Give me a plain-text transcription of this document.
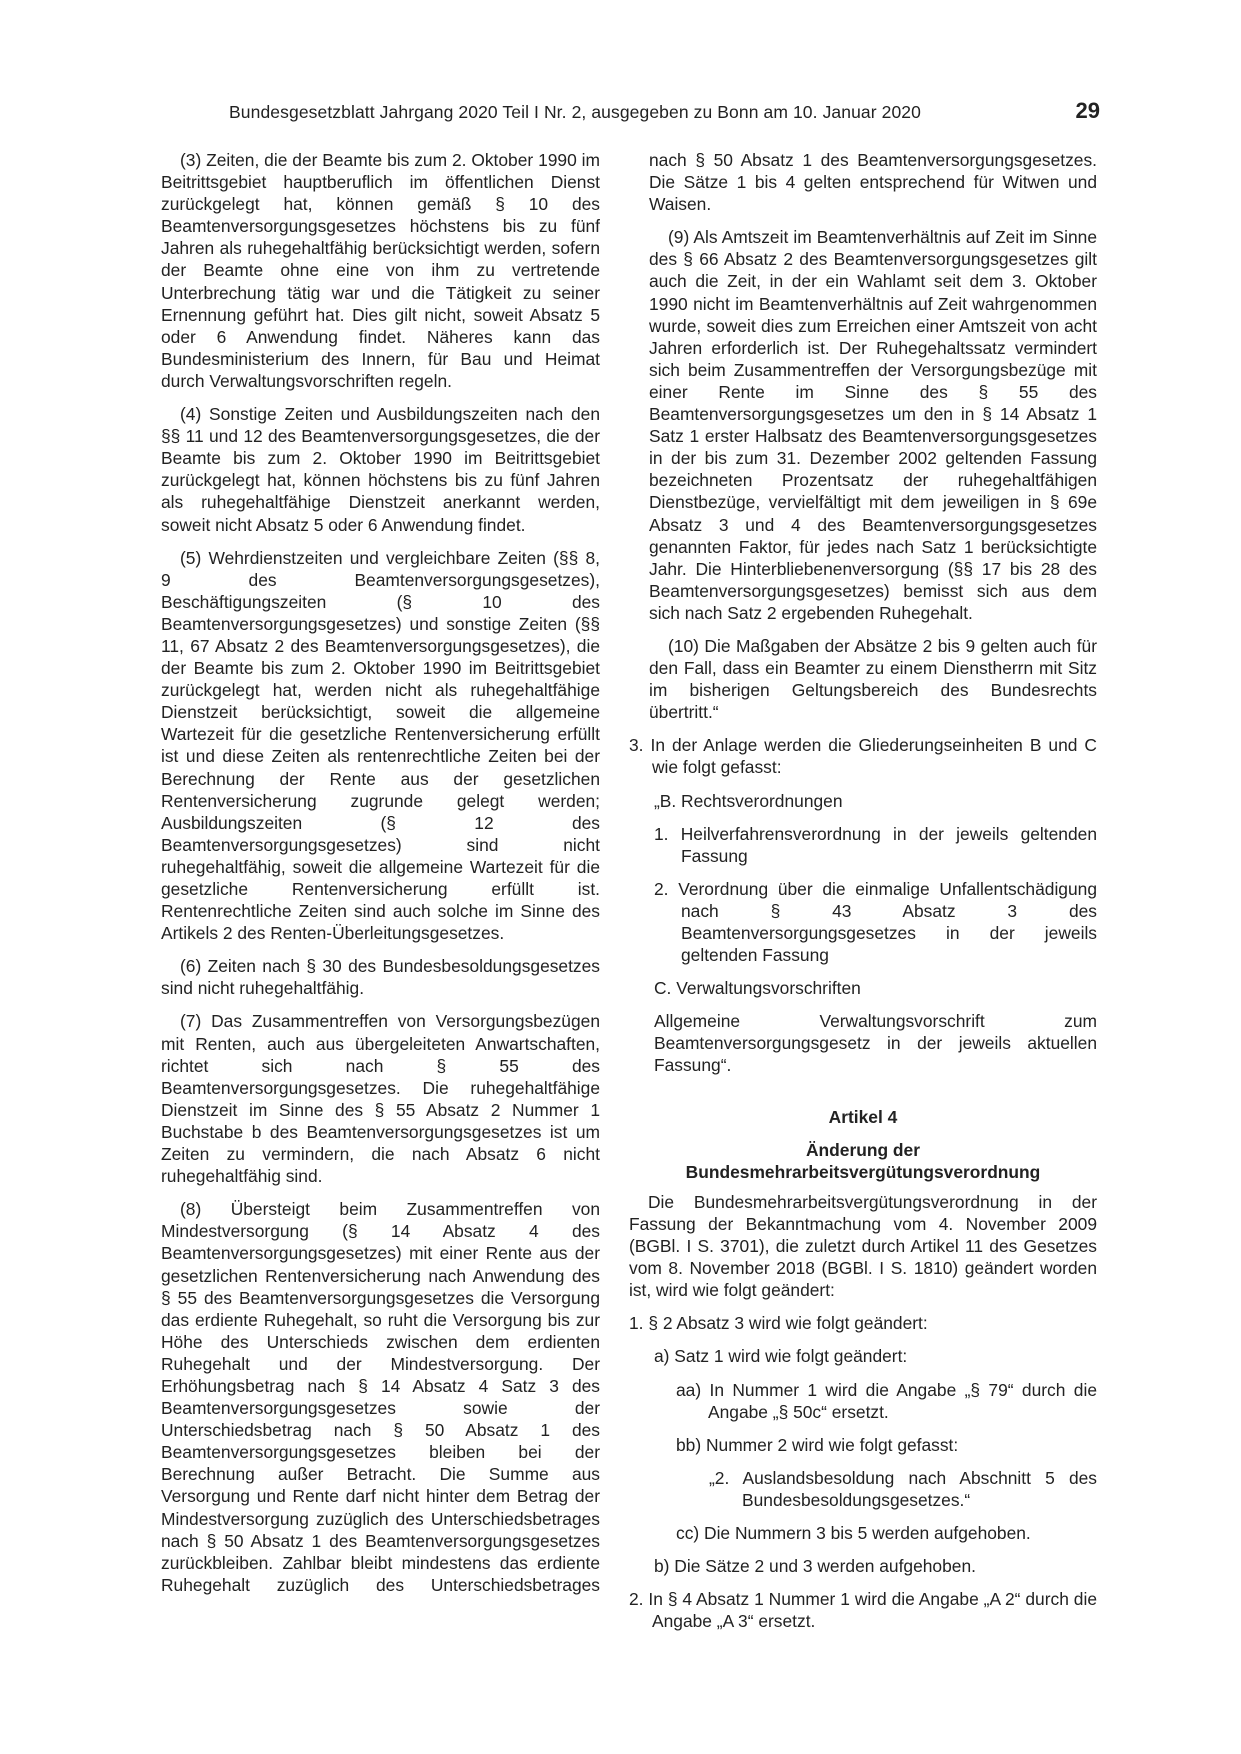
Bundesgesetzblatt Jahrgang 2020 Teil I Nr. 2, ausgegeben zu Bonn am 10. Januar 2020	29

(3) Zeiten, die der Beamte bis zum 2. Oktober 1990 im Beitrittsgebiet hauptberuflich im öffentlichen Dienst zurückgelegt hat, können gemäß § 10 des Beamtenversorgungsgesetzes höchstens bis zu fünf Jahren als ruhegehaltfähig berücksichtigt werden, sofern der Beamte ohne eine von ihm zu vertretende Unterbrechung tätig war und die Tätigkeit zu seiner Ernennung geführt hat. Dies gilt nicht, soweit Absatz 5 oder 6 Anwendung findet. Näheres kann das Bundesministerium des Innern, für Bau und Heimat durch Verwaltungsvorschriften regeln.

(4) Sonstige Zeiten und Ausbildungszeiten nach den §§ 11 und 12 des Beamtenversorgungsgesetzes, die der Beamte bis zum 2. Oktober 1990 im Beitrittsgebiet zurückgelegt hat, können höchstens bis zu fünf Jahren als ruhegehaltfähige Dienstzeit anerkannt werden, soweit nicht Absatz 5 oder 6 Anwendung findet.

(5) Wehrdienstzeiten und vergleichbare Zeiten (§§ 8, 9 des Beamtenversorgungsgesetzes), Beschäftigungszeiten (§ 10 des Beamtenversorgungsgesetzes) und sonstige Zeiten (§§ 11, 67 Absatz 2 des Beamtenversorgungsgesetzes), die der Beamte bis zum 2. Oktober 1990 im Beitrittsgebiet zurückgelegt hat, werden nicht als ruhegehaltfähige Dienstzeit berücksichtigt, soweit die allgemeine Wartezeit für die gesetzliche Rentenversicherung erfüllt ist und diese Zeiten als rentenrechtliche Zeiten bei der Berechnung der Rente aus der gesetzlichen Rentenversicherung zugrunde gelegt werden; Ausbildungszeiten (§ 12 des Beamtenversorgungsgesetzes) sind nicht ruhegehaltfähig, soweit die allgemeine Wartezeit für die gesetzliche Rentenversicherung erfüllt ist. Rentenrechtliche Zeiten sind auch solche im Sinne des Artikels 2 des Renten-Überleitungsgesetzes.

(6) Zeiten nach § 30 des Bundesbesoldungsgesetzes sind nicht ruhegehaltfähig.

(7) Das Zusammentreffen von Versorgungsbezügen mit Renten, auch aus übergeleiteten Anwartschaften, richtet sich nach § 55 des Beamtenversorgungsgesetzes. Die ruhegehaltfähige Dienstzeit im Sinne des § 55 Absatz 2 Nummer 1 Buchstabe b des Beamtenversorgungsgesetzes ist um Zeiten zu vermindern, die nach Absatz 6 nicht ruhegehaltfähig sind.

(8) Übersteigt beim Zusammentreffen von Mindestversorgung (§ 14 Absatz 4 des Beamtenversorgungsgesetzes) mit einer Rente aus der gesetzlichen Rentenversicherung nach Anwendung des § 55 des Beamtenversorgungsgesetzes die Versorgung das erdiente Ruhegehalt, so ruht die Versorgung bis zur Höhe des Unterschieds zwischen dem erdienten Ruhegehalt und der Mindestversorgung. Der Erhöhungsbetrag nach § 14 Absatz 4 Satz 3 des Beamtenversorgungsgesetzes sowie der Unterschiedsbetrag nach § 50 Absatz 1 des Beamtenversorgungsgesetzes bleiben bei der Berechnung außer Betracht. Die Summe aus Versorgung und Rente darf nicht hinter dem Betrag der Mindestversorgung zuzüglich des Unterschiedsbetrages nach § 50 Absatz 1 des Beamtenversorgungsgesetzes zurückbleiben. Zahlbar bleibt mindestens das erdiente Ruhegehalt zuzüglich des Unterschiedsbetrages

nach § 50 Absatz 1 des Beamtenversorgungsgesetzes. Die Sätze 1 bis 4 gelten entsprechend für Witwen und Waisen.

(9) Als Amtszeit im Beamtenverhältnis auf Zeit im Sinne des § 66 Absatz 2 des Beamtenversorgungsgesetzes gilt auch die Zeit, in der ein Wahlamt seit dem 3. Oktober 1990 nicht im Beamtenverhältnis auf Zeit wahrgenommen wurde, soweit dies zum Erreichen einer Amtszeit von acht Jahren erforderlich ist. Der Ruhegehaltssatz vermindert sich beim Zusammentreffen der Versorgungsbezüge mit einer Rente im Sinne des § 55 des Beamtenversorgungsgesetzes um den in § 14 Absatz 1 Satz 1 erster Halbsatz des Beamtenversorgungsgesetzes in der bis zum 31. Dezember 2002 geltenden Fassung bezeichneten Prozentsatz der ruhegehaltfähigen Dienstbezüge, vervielfältigt mit dem jeweiligen in § 69e Absatz 3 und 4 des Beamtenversorgungsgesetzes genannten Faktor, für jedes nach Satz 1 berücksichtigte Jahr. Die Hinterbliebenenversorgung (§§ 17 bis 28 des Beamtenversorgungsgesetzes) bemisst sich aus dem sich nach Satz 2 ergebenden Ruhegehalt.

(10) Die Maßgaben der Absätze 2 bis 9 gelten auch für den Fall, dass ein Beamter zu einem Dienstherrn mit Sitz im bisherigen Geltungsbereich des Bundesrechts übertritt.“

3. In der Anlage werden die Gliederungseinheiten B und C wie folgt gefasst:

„B. Rechtsverordnungen

1. Heilverfahrensverordnung in der jeweils geltenden Fassung

2. Verordnung über die einmalige Unfallentschädigung nach § 43 Absatz 3 des Beamtenversorgungsgesetzes in der jeweils geltenden Fassung

C. Verwaltungsvorschriften

Allgemeine Verwaltungsvorschrift zum Beamtenversorgungsgesetz in der jeweils aktuellen Fassung“.

Artikel 4

Änderung der

Bundesmehrarbeitsvergütungsverordnung

Die Bundesmehrarbeitsvergütungsverordnung in der Fassung der Bekanntmachung vom 4. November 2009 (BGBl. I S. 3701), die zuletzt durch Artikel 11 des Gesetzes vom 8. November 2018 (BGBl. I S. 1810) geändert worden ist, wird wie folgt geändert:

1. § 2 Absatz 3 wird wie folgt geändert:

a) Satz 1 wird wie folgt geändert:

aa) In Nummer 1 wird die Angabe „§ 79“ durch die Angabe „§ 50c“ ersetzt.

bb) Nummer 2 wird wie folgt gefasst:

„2. Auslandsbesoldung nach Abschnitt 5 des Bundesbesoldungsgesetzes.“

cc) Die Nummern 3 bis 5 werden aufgehoben.

b) Die Sätze 2 und 3 werden aufgehoben.

2. In § 4 Absatz 1 Nummer 1 wird die Angabe „A 2“ durch die Angabe „A 3“ ersetzt.
